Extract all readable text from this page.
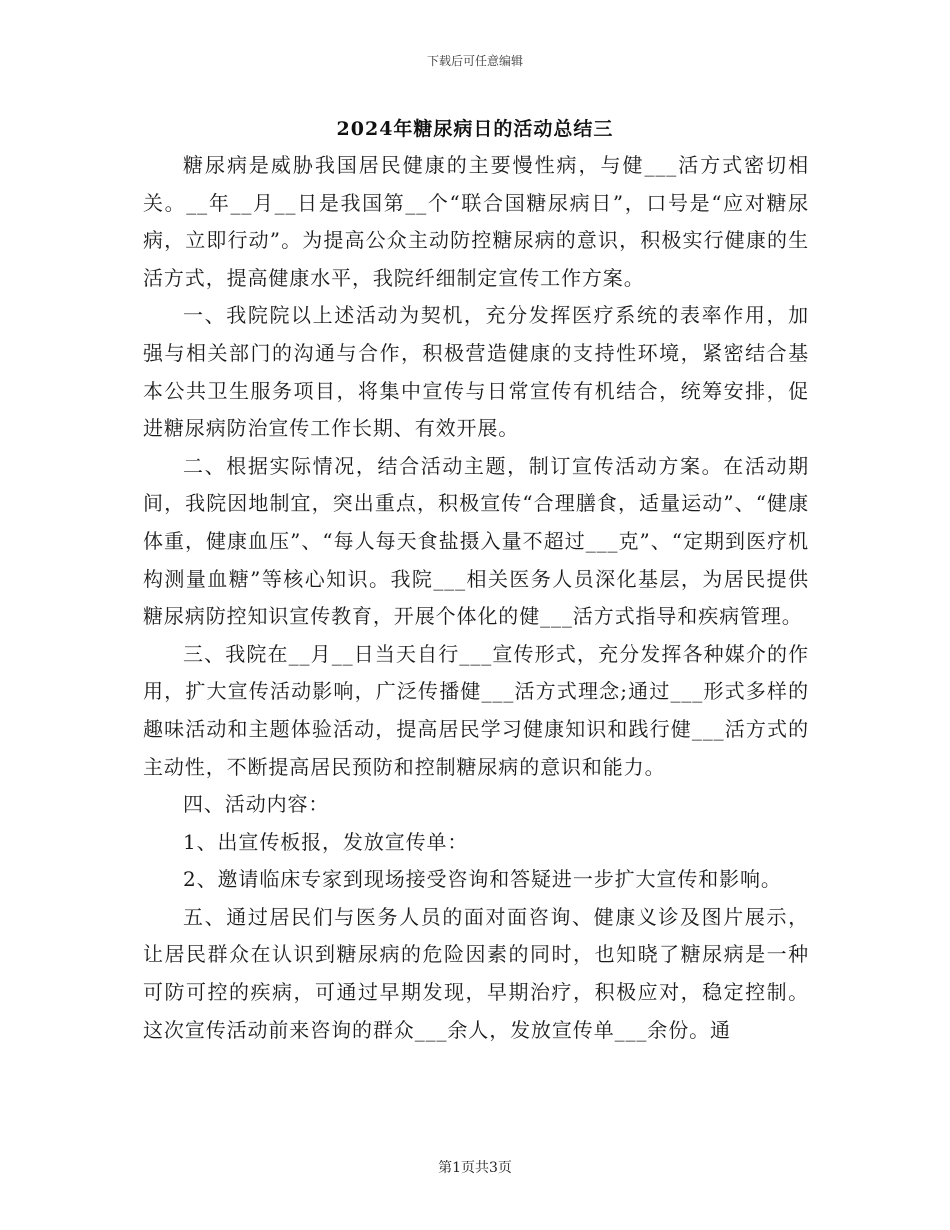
下载后可任意编辑
2024年糖尿病日的活动总结三

糖尿病是威胁我国居民健康的主要慢性病，与健___活方式密切相关。__年__月__日是我国第__个“联合国糖尿病日”，口号是“应对糖尿病，立即行动”。为提高公众主动防控糖尿病的意识，积极实行健康的生活方式，提高健康水平，我院纤细制定宣传工作方案。

一、我院院以上述活动为契机，充分发挥医疗系统的表率作用，加强与相关部门的沟通与合作，积极营造健康的支持性环境，紧密结合基本公共卫生服务项目，将集中宣传与日常宣传有机结合，统筹安排，促进糖尿病防治宣传工作长期、有效开展。

二、根据实际情况，结合活动主题，制订宣传活动方案。在活动期间，我院因地制宜，突出重点，积极宣传“合理膳食，适量运动”、“健康体重，健康血压”、“每人每天食盐摄入量不超过___克”、“定期到医疗机构测量血糖”等核心知识。我院___相关医务人员深化基层，为居民提供糖尿病防控知识宣传教育，开展个体化的健___活方式指导和疾病管理。

三、我院在__月__日当天自行___宣传形式，充分发挥各种媒介的作用，扩大宣传活动影响，广泛传播健___活方式理念;通过___形式多样的趣味活动和主题体验活动，提高居民学习健康知识和践行健___活方式的主动性，不断提高居民预防和控制糖尿病的意识和能力。

四、活动内容：

1、出宣传板报，发放宣传单：

2、邀请临床专家到现场接受咨询和答疑进一步扩大宣传和影响。

五、通过居民们与医务人员的面对面咨询、健康义诊及图片展示，让居民群众在认识到糖尿病的危险因素的同时，也知晓了糖尿病是一种可防可控的疾病，可通过早期发现，早期治疗，积极应对，稳定控制。这次宣传活动前来咨询的群众___余人，发放宣传单___余份。通

第1页共3页
